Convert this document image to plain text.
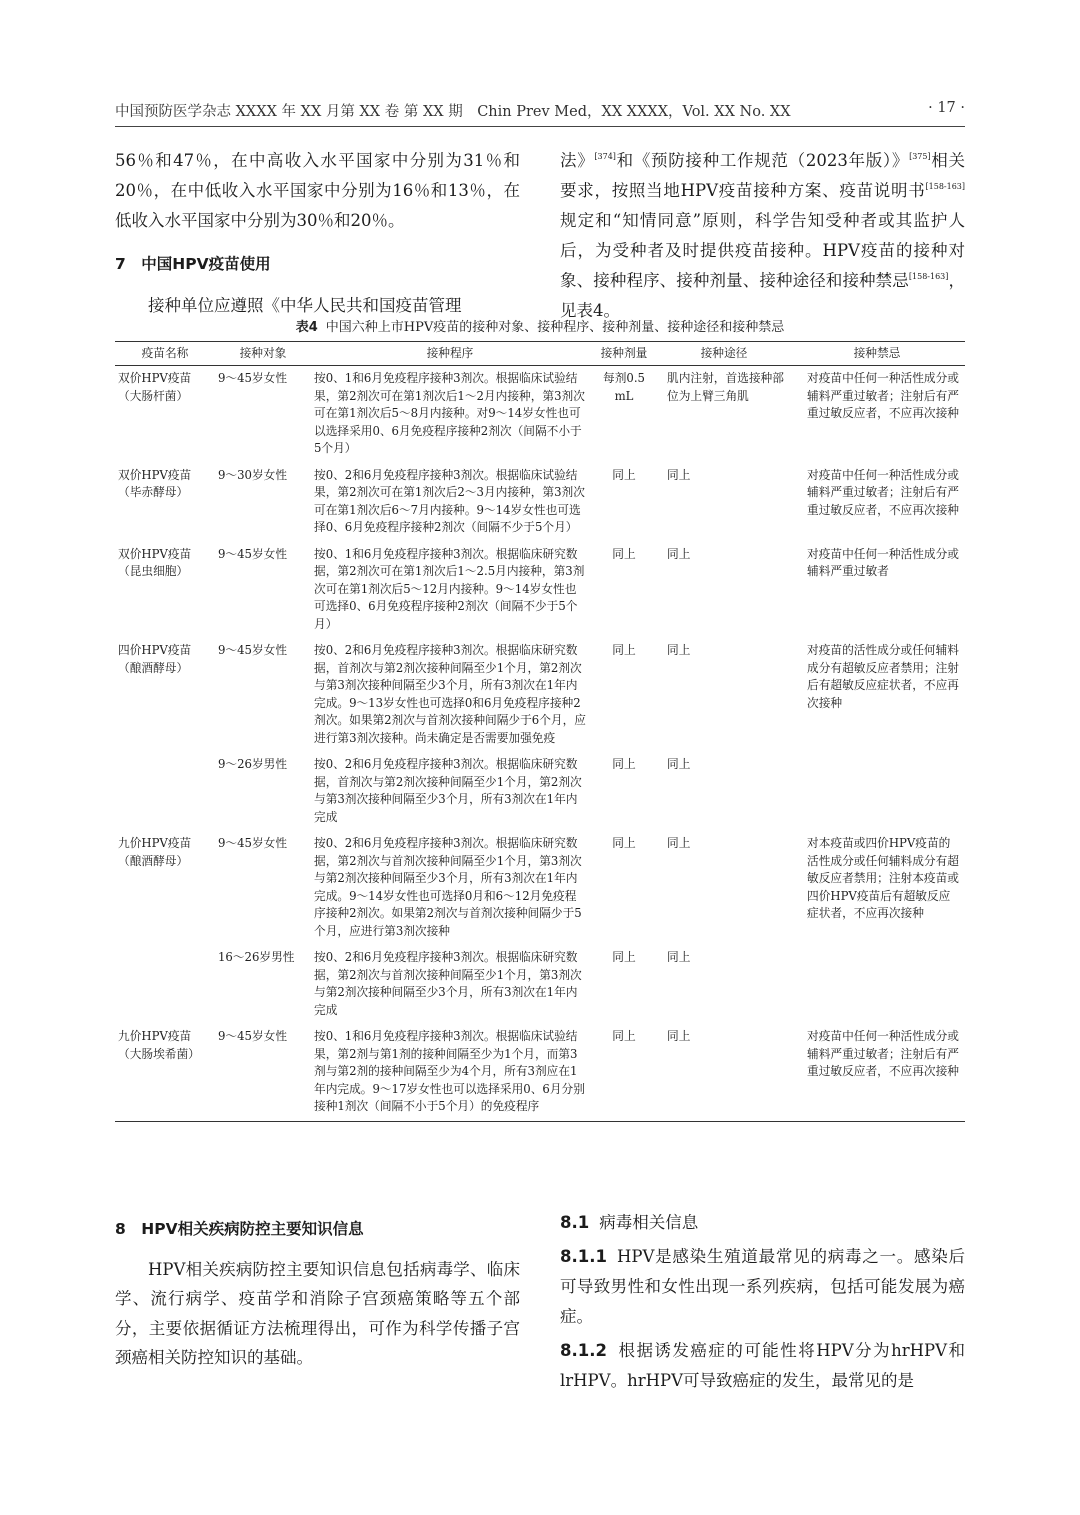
中国预防医学杂志 XXXX 年 XX 月第 XX 卷 第 XX 期　Chin Prev Med，XX XXXX，Vol. XX No. XX	· 17 ·

56％和47％，在中高收入水平国家中分别为31％和20％，在中低收入水平国家中分别为16％和13％，在低收入水平国家中分别为30％和20％。

7　中国HPV疫苗使用

接种单位应遵照《中华人民共和国疫苗管理

法》[374]和《预防接种工作规范（2023年版）》[375]相关要求，按照当地HPV疫苗接种方案、疫苗说明书[158-163]规定和“知情同意”原则，科学告知受种者或其监护人后，为受种者及时提供疫苗接种。HPV疫苗的接种对象、接种程序、接种剂量、接种途径和接种禁忌[158-163]，见表4。

表4 中国六种上市HPV疫苗的接种对象、接种程序、接种剂量、接种途径和接种禁忌
疫苗名称	接种对象	接种程序	接种剂量	接种途径	接种禁忌
双价HPV疫苗（大肠杆菌）	9～45岁女性	按0、1和6月免疫程序接种3剂次。根据临床试验结果，第2剂次可在第1剂次后1～2月内接种，第3剂次可在第1剂次后5～8月内接种。对9～14岁女性也可以选择采用0、6月免疫程序接种2剂次（间隔不小于5个月）	每剂0.5 mL	肌内注射，首选接种部位为上臂三角肌	对疫苗中任何一种活性成分或辅料严重过敏者；注射后有严重过敏反应者，不应再次接种
双价HPV疫苗（毕赤酵母）	9～30岁女性	按0、2和6月免疫程序接种3剂次。根据临床试验结果，第2剂次可在第1剂次后2～3月内接种，第3剂次可在第1剂次后6～7月内接种。9～14岁女性也可选择0、6月免疫程序接种2剂次（间隔不少于5个月）	同上	同上	对疫苗中任何一种活性成分或辅料严重过敏者；注射后有严重过敏反应者，不应再次接种
双价HPV疫苗（昆虫细胞）	9～45岁女性	按0、1和6月免疫程序接种3剂次。根据临床研究数据，第2剂次可在第1剂次后1～2.5月内接种，第3剂次可在第1剂次后5～12月内接种。9～14岁女性也可选择0、6月免疫程序接种2剂次（间隔不少于5个月）	同上	同上	对疫苗中任何一种活性成分或辅料严重过敏者
四价HPV疫苗（酿酒酵母）	9～45岁女性	按0、2和6月免疫程序接种3剂次。根据临床研究数据，首剂次与第2剂次接种间隔至少1个月，第2剂次与第3剂次接种间隔至少3个月，所有3剂次在1年内完成。9～13岁女性也可选择0和6月免疫程序接种2剂次。如果第2剂次与首剂次接种间隔少于6个月，应进行第3剂次接种。尚未确定是否需要加强免疫	同上	同上	对疫苗的活性成分或任何辅料成分有超敏反应者禁用；注射后有超敏反应症状者，不应再次接种
	9～26岁男性	按0、2和6月免疫程序接种3剂次。根据临床研究数据，首剂次与第2剂次接种间隔至少1个月，第2剂次与第3剂次接种间隔至少3个月，所有3剂次在1年内完成	同上	同上	
九价HPV疫苗（酿酒酵母）	9～45岁女性	按0、2和6月免疫程序接种3剂次。根据临床研究数据，第2剂次与首剂次接种间隔至少1个月，第3剂次与第2剂次接种间隔至少3个月，所有3剂次在1年内完成。9～14岁女性也可选择0月和6～12月免疫程序接种2剂次。如果第2剂次与首剂次接种间隔少于5个月，应进行第3剂次接种	同上	同上	对本疫苗或四价HPV疫苗的活性成分或任何辅料成分有超敏反应者禁用；注射本疫苗或四价HPV疫苗后有超敏反应症状者，不应再次接种
	16～26岁男性	按0、2和6月免疫程序接种3剂次。根据临床研究数据，第2剂次与首剂次接种间隔至少1个月，第3剂次与第2剂次接种间隔至少3个月，所有3剂次在1年内完成	同上	同上	
九价HPV疫苗（大肠埃希菌）	9～45岁女性	按0、1和6月免疫程序接种3剂次。根据临床试验结果，第2剂与第1剂的接种间隔至少为1个月，而第3剂与第2剂的接种间隔至少为4个月，所有3剂应在1年内完成。9～17岁女性也可以选择采用0、6月分别接种1剂次（间隔不小于5个月）的免疫程序	同上	同上	对疫苗中任何一种活性成分或辅料严重过敏者；注射后有严重过敏反应者，不应再次接种

8　HPV相关疾病防控主要知识信息

HPV相关疾病防控主要知识信息包括病毒学、临床学、流行病学、疫苗学和消除子宫颈癌策略等五个部分，主要依据循证方法梳理得出，可作为科学传播子宫颈癌相关防控知识的基础。

8.1 病毒相关信息

8.1.1 HPV是感染生殖道最常见的病毒之一。感染后可导致男性和女性出现一系列疾病，包括可能发展为癌症。

8.1.2 根据诱发癌症的可能性将HPV分为hrHPV和lrHPV。hrHPV可导致癌症的发生，最常见的是
